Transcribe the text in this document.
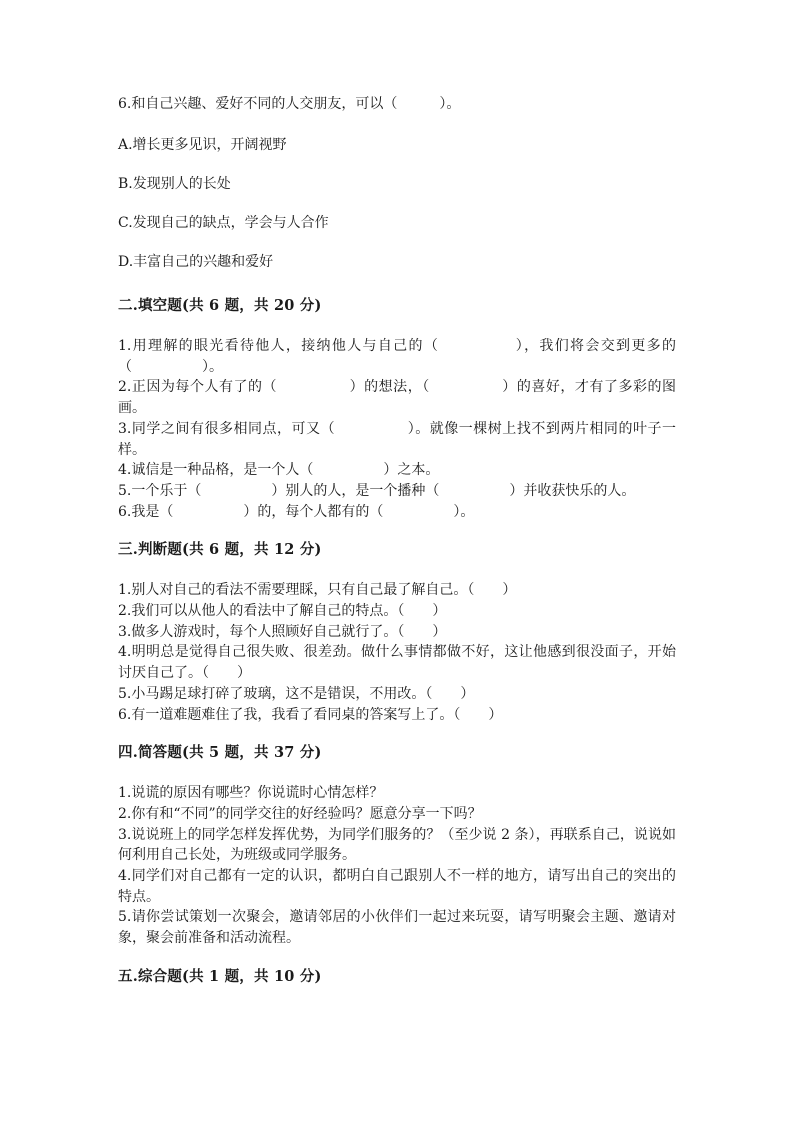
6.和自己兴趣、爱好不同的人交朋友，可以（　　　）。

A.增长更多见识，开阔视野

B.发现别人的长处

C.发现自己的缺点，学会与人合作

D.丰富自己的兴趣和爱好

二.填空题(共 6 题，共 20 分)
1.用理解的眼光看待他人，接纳他人与自己的（　　　　　），我们将会交到更多的（　　　　　）。
2.正因为每个人有了的（　　　　　）的想法，（　　　　　）的喜好，才有了多彩的图画。
3.同学之间有很多相同点，可又（　　　　　）。就像一棵树上找不到两片相同的叶子一样。
4.诚信是一种品格，是一个人（　　　　　）之本。
5.一个乐于（　　　　　）别人的人，是一个播种（　　　　　）并收获快乐的人。
6.我是（　　　　　）的，每个人都有的（　　　　　）。
三.判断题(共 6 题，共 12 分)
1.别人对自己的看法不需要理睬，只有自己最了解自己。（　　）
2.我们可以从他人的看法中了解自己的特点。（　　）
3.做多人游戏时，每个人照顾好自己就行了。（　　）
4.明明总是觉得自己很失败、很差劲。做什么事情都做不好，这让他感到很没面子，开始讨厌自己了。（　　）
5.小马踢足球打碎了玻璃，这不是错误，不用改。（　　）
6.有一道难题难住了我，我看了看同桌的答案写上了。（　　）
四.简答题(共 5 题，共 37 分)
1.说谎的原因有哪些？你说谎时心情怎样？
2.你有和“不同”的同学交往的好经验吗？愿意分享一下吗？
3.说说班上的同学怎样发挥优势，为同学们服务的？（至少说 2 条），再联系自己，说说如何利用自己长处，为班级或同学服务。
4.同学们对自己都有一定的认识，都明白自己跟别人不一样的地方，请写出自己的突出的特点。
5.请你尝试策划一次聚会，邀请邻居的小伙伴们一起过来玩耍，请写明聚会主题、邀请对象，聚会前准备和活动流程。
五.综合题(共 1 题，共 10 分)
